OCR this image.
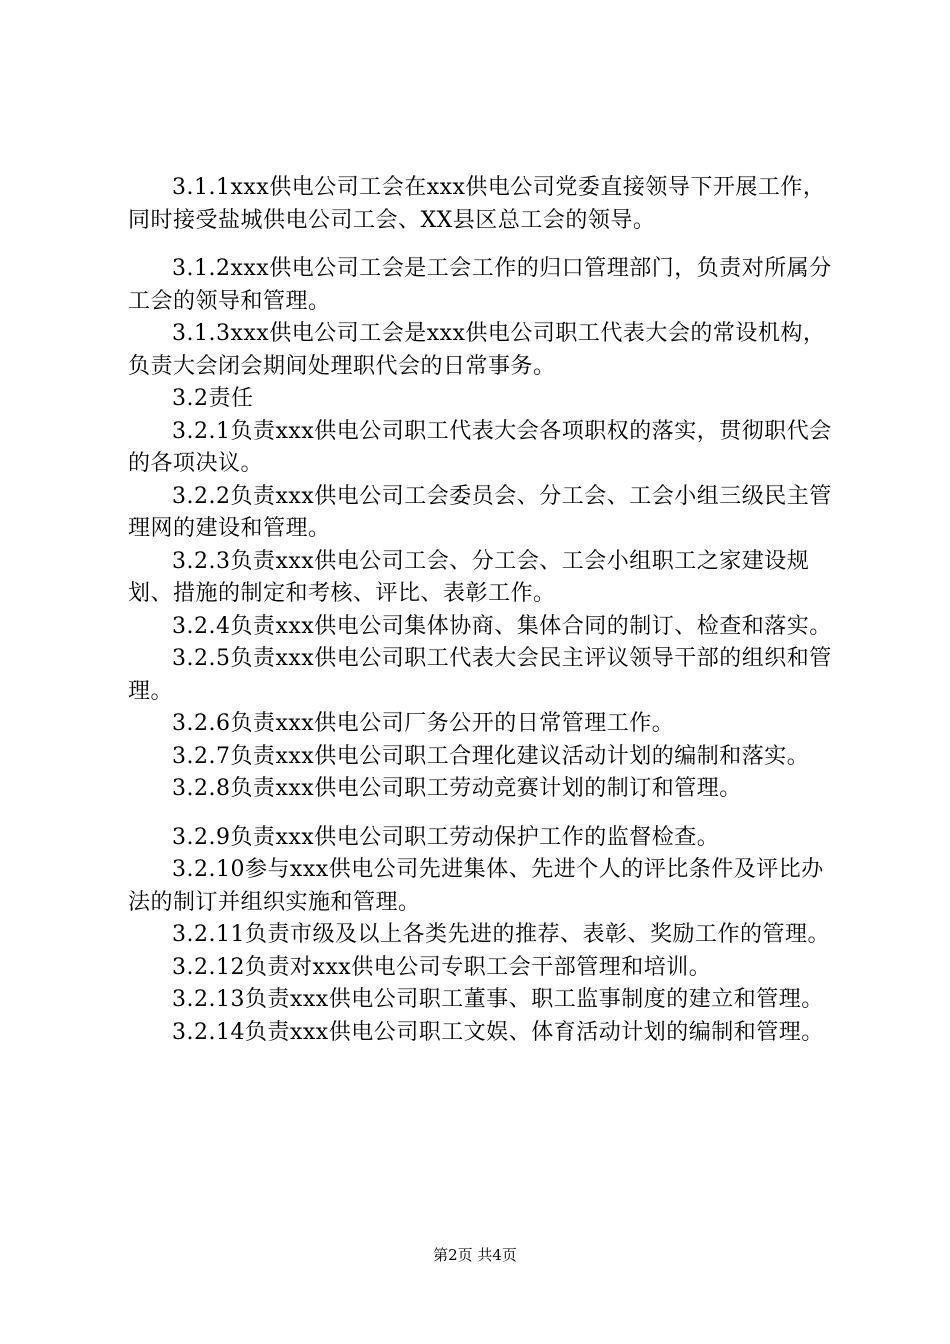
3.1.1xxx供电公司工会在xxx供电公司党委直接领导下开展工作，同时接受盐城供电公司工会、XX县区总工会的领导。

3.1.2xxx供电公司工会是工会工作的归口管理部门，负责对所属分工会的领导和管理。

3.1.3xxx供电公司工会是xxx供电公司职工代表大会的常设机构，负责大会闭会期间处理职代会的日常事务。

3.2责任

3.2.1负责xxx供电公司职工代表大会各项职权的落实，贯彻职代会的各项决议。

3.2.2负责xxx供电公司工会委员会、分工会、工会小组三级民主管理网的建设和管理。

3.2.3负责xxx供电公司工会、分工会、工会小组职工之家建设规划、措施的制定和考核、评比、表彰工作。

3.2.4负责xxx供电公司集体协商、集体合同的制订、检查和落实。

3.2.5负责xxx供电公司职工代表大会民主评议领导干部的组织和管理。

3.2.6负责xxx供电公司厂务公开的日常管理工作。

3.2.7负责xxx供电公司职工合理化建议活动计划的编制和落实。

3.2.8负责xxx供电公司职工劳动竞赛计划的制订和管理。

3.2.9负责xxx供电公司职工劳动保护工作的监督检查。

3.2.10参与xxx供电公司先进集体、先进个人的评比条件及评比办法的制订并组织实施和管理。

3.2.11负责市级及以上各类先进的推荐、表彰、奖励工作的管理。

3.2.12负责对xxx供电公司专职工会干部管理和培训。

3.2.13负责xxx供电公司职工董事、职工监事制度的建立和管理。

3.2.14负责xxx供电公司职工文娱、体育活动计划的编制和管理。

第2页 共4页
